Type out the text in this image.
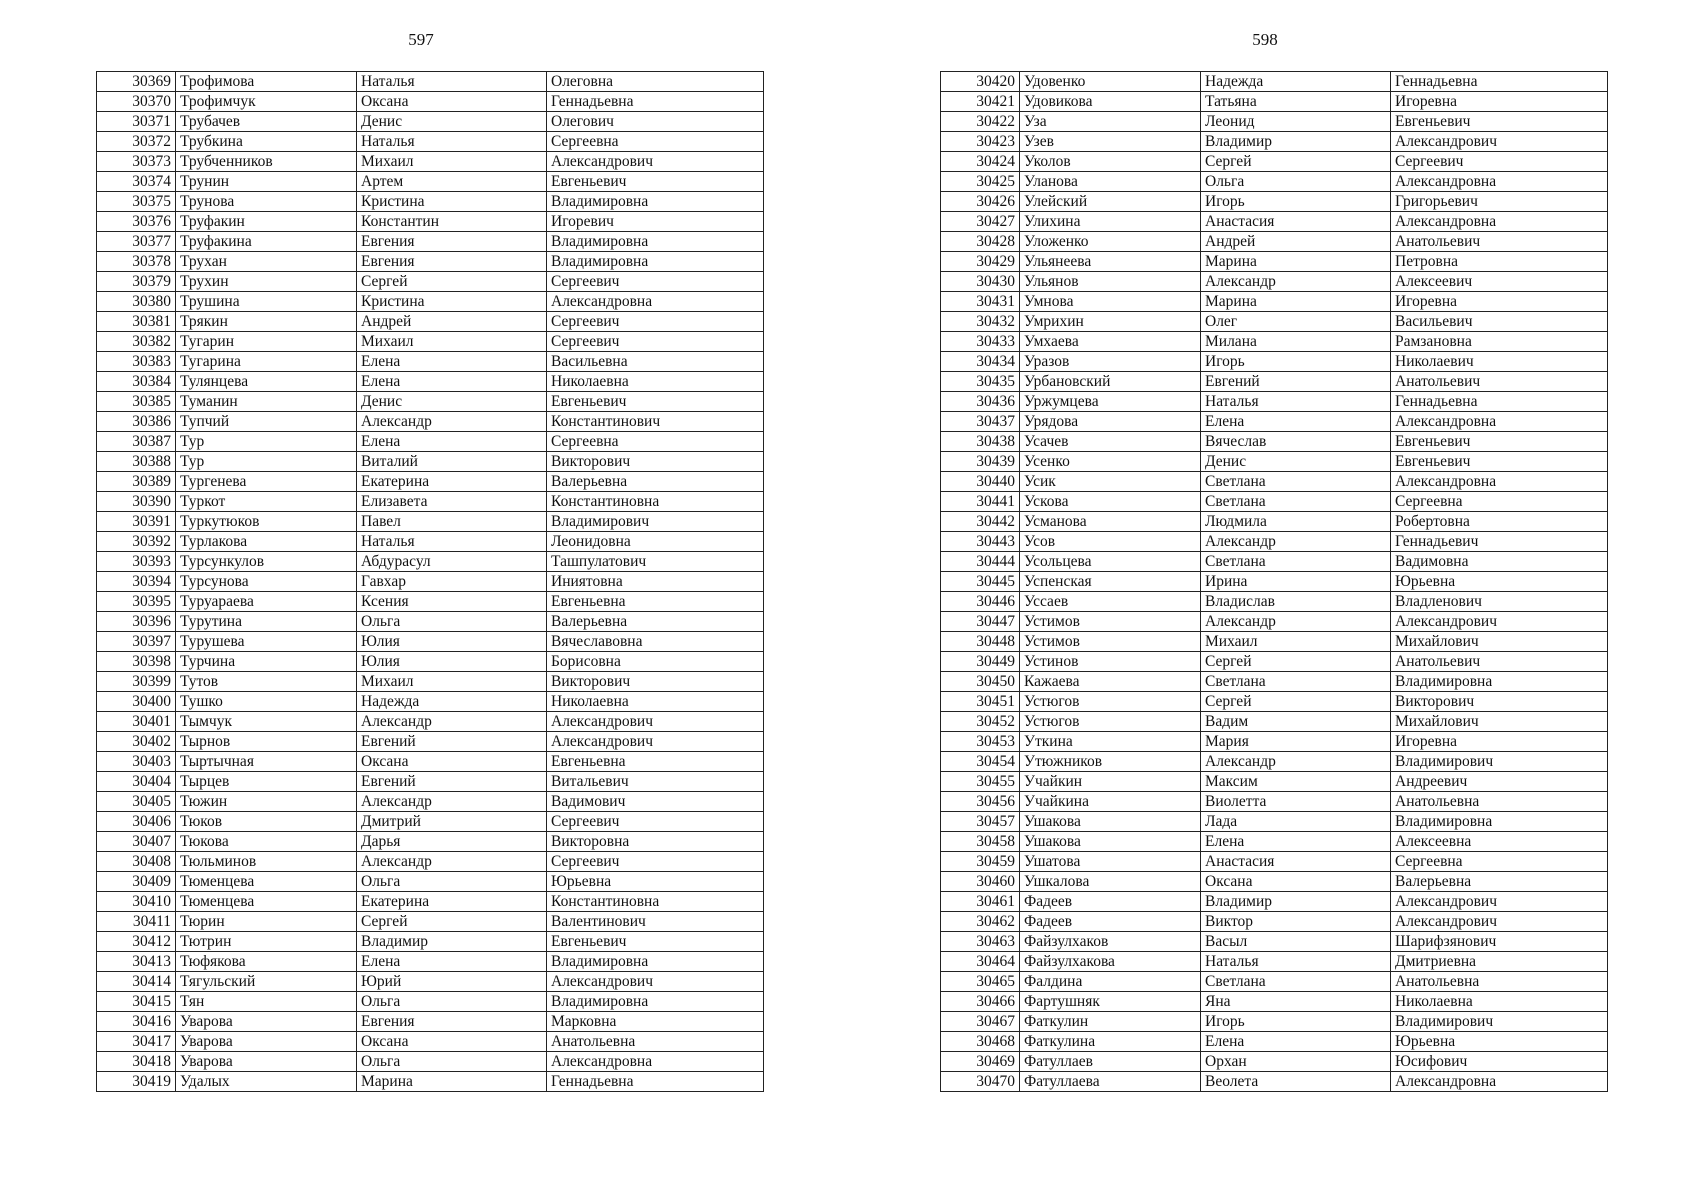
597
30369	Трофимова	Наталья	Олеговна
30370	Трофимчук	Оксана	Геннадьевна
30371	Трубачев	Денис	Олегович
30372	Трубкина	Наталья	Сергеевна
30373	Трубченников	Михаил	Александрович
30374	Трунин	Артем	Евгеньевич
30375	Трунова	Кристина	Владимировна
30376	Труфакин	Константин	Игоревич
30377	Труфакина	Евгения	Владимировна
30378	Трухан	Евгения	Владимировна
30379	Трухин	Сергей	Сергеевич
30380	Трушина	Кристина	Александровна
30381	Трякин	Андрей	Сергеевич
30382	Тугарин	Михаил	Сергеевич
30383	Тугарина	Елена	Васильевна
30384	Тулянцева	Елена	Николаевна
30385	Туманин	Денис	Евгеньевич
30386	Тупчий	Александр	Константинович
30387	Тур	Елена	Сергеевна
30388	Тур	Виталий	Викторович
30389	Тургенева	Екатерина	Валерьевна
30390	Туркот	Елизавета	Константиновна
30391	Туркутюков	Павел	Владимирович
30392	Турлакова	Наталья	Леонидовна
30393	Турсункулов	Абдурасул	Ташпулатович
30394	Турсунова	Гавхар	Иниятовна
30395	Туруараева	Ксения	Евгеньевна
30396	Турутина	Ольга	Валерьевна
30397	Турушева	Юлия	Вячеславовна
30398	Турчина	Юлия	Борисовна
30399	Тутов	Михаил	Викторович
30400	Тушко	Надежда	Николаевна
30401	Тымчук	Александр	Александрович
30402	Тырнов	Евгений	Александрович
30403	Тыртычная	Оксана	Евгеньевна
30404	Тырцев	Евгений	Витальевич
30405	Тюжин	Александр	Вадимович
30406	Тюков	Дмитрий	Сергеевич
30407	Тюкова	Дарья	Викторовна
30408	Тюльминов	Александр	Сергеевич
30409	Тюменцева	Ольга	Юрьевна
30410	Тюменцева	Екатерина	Константиновна
30411	Тюрин	Сергей	Валентинович
30412	Тютрин	Владимир	Евгеньевич
30413	Тюфякова	Елена	Владимировна
30414	Тягульский	Юрий	Александрович
30415	Тян	Ольга	Владимировна
30416	Уварова	Евгения	Марковна
30417	Уварова	Оксана	Анатольевна
30418	Уварова	Ольга	Александровна
30419	Удалых	Марина	Геннадьевна
598
30420	Удовенко	Надежда	Геннадьевна
30421	Удовикова	Татьяна	Игоревна
30422	Уза	Леонид	Евгеньевич
30423	Узев	Владимир	Александрович
30424	Уколов	Сергей	Сергеевич
30425	Уланова	Ольга	Александровна
30426	Улейский	Игорь	Григорьевич
30427	Улихина	Анастасия	Александровна
30428	Уложенко	Андрей	Анатольевич
30429	Ульянеева	Марина	Петровна
30430	Ульянов	Александр	Алексеевич
30431	Умнова	Марина	Игоревна
30432	Умрихин	Олег	Васильевич
30433	Умхаева	Милана	Рамзановна
30434	Уразов	Игорь	Николаевич
30435	Урбановский	Евгений	Анатольевич
30436	Уржумцева	Наталья	Геннадьевна
30437	Урядова	Елена	Александровна
30438	Усачев	Вячеслав	Евгеньевич
30439	Усенко	Денис	Евгеньевич
30440	Усик	Светлана	Александровна
30441	Ускова	Светлана	Сергеевна
30442	Усманова	Людмила	Робертовна
30443	Усов	Александр	Геннадьевич
30444	Усольцева	Светлана	Вадимовна
30445	Успенская	Ирина	Юрьевна
30446	Уссаев	Владислав	Владленович
30447	Устимов	Александр	Александрович
30448	Устимов	Михаил	Михайлович
30449	Устинов	Сергей	Анатольевич
30450	Кажаева	Светлана	Владимировна
30451	Устюгов	Сергей	Викторович
30452	Устюгов	Вадим	Михайлович
30453	Уткина	Мария	Игоревна
30454	Утюжников	Александр	Владимирович
30455	Учайкин	Максим	Андреевич
30456	Учайкина	Виолетта	Анатольевна
30457	Ушакова	Лада	Владимировна
30458	Ушакова	Елена	Алексеевна
30459	Ушатова	Анастасия	Сергеевна
30460	Ушкалова	Оксана	Валерьевна
30461	Фадеев	Владимир	Александрович
30462	Фадеев	Виктор	Александрович
30463	Файзулхаков	Васыл	Шарифзянович
30464	Файзулхакова	Наталья	Дмитриевна
30465	Фалдина	Светлана	Анатольевна
30466	Фартушняк	Яна	Николаевна
30467	Фаткулин	Игорь	Владимирович
30468	Фаткулина	Елена	Юрьевна
30469	Фатуллаев	Орхан	Юсифович
30470	Фатуллаева	Веолета	Александровна
